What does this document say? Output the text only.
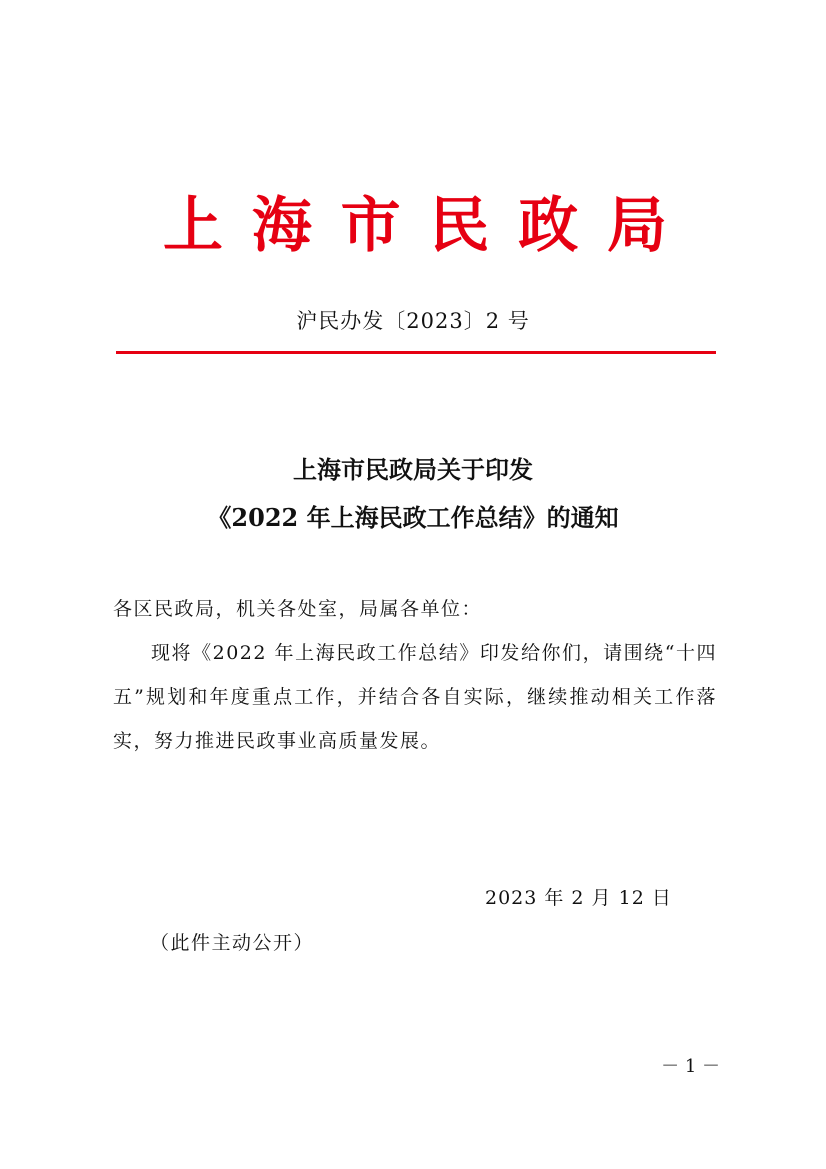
上 海 市 民 政 局
沪民办发〔2023〕2 号
上海市民政局关于印发
《2022 年上海民政工作总结》的通知
各区民政局，机关各处室，局属各单位：
现将《2022 年上海民政工作总结》印发给你们，请围绕“十四五”规划和年度重点工作，并结合各自实际，继续推动相关工作落实，努力推进民政事业高质量发展。
2023 年 2 月 12 日
（此件主动公开）
－ 1 －
